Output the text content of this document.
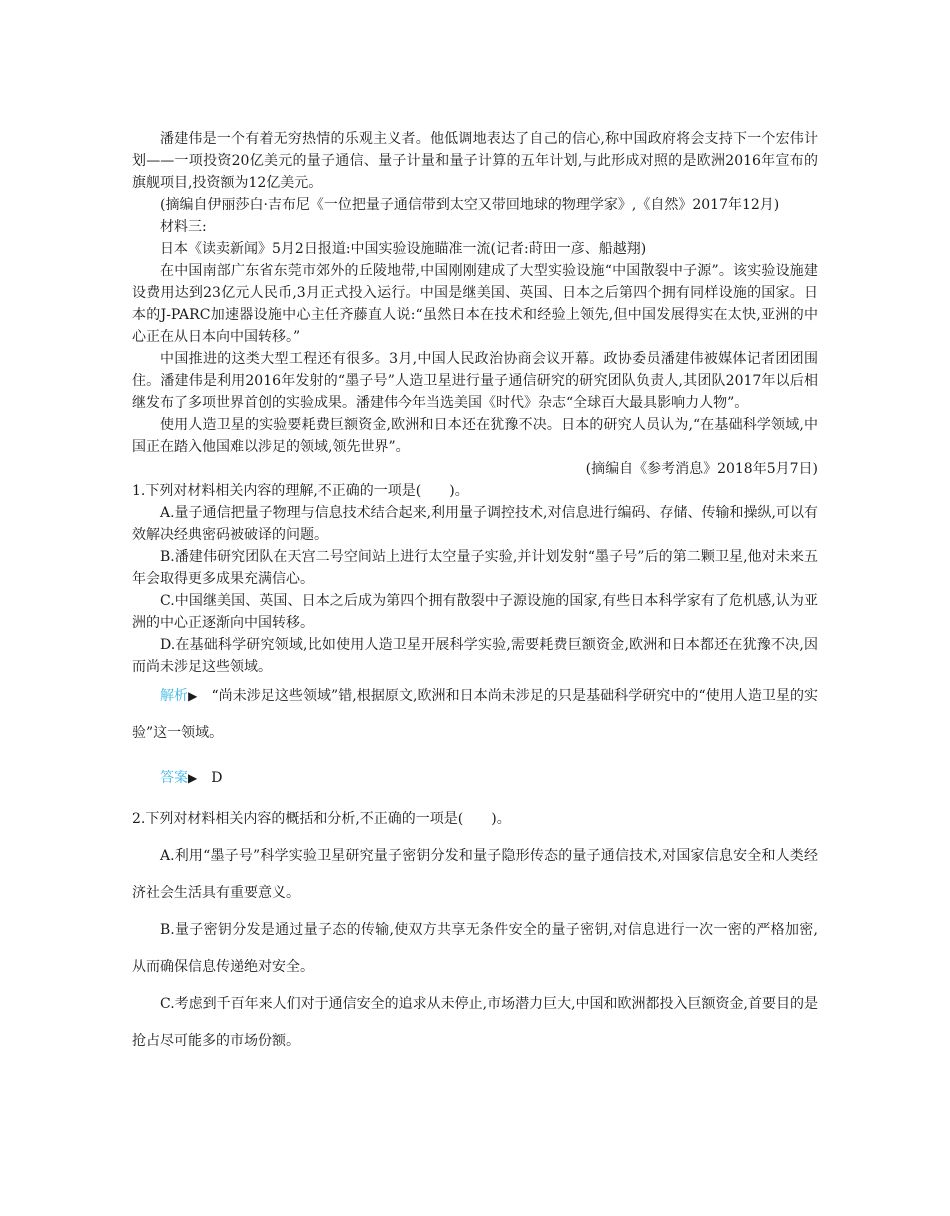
潘建伟是一个有着无穷热情的乐观主义者。他低调地表达了自己的信心,称中国政府将会支持下一个宏伟计划——一项投资20亿美元的量子通信、量子计量和量子计算的五年计划,与此形成对照的是欧洲2016年宣布的旗舰项目,投资额为12亿美元。

(摘编自伊丽莎白·吉布尼《一位把量子通信带到太空又带回地球的物理学家》,《自然》2017年12月)

材料三:

日本《读卖新闻》5月2日报道:中国实验设施瞄准一流(记者:莳田一彦、船越翔)

在中国南部广东省东莞市郊外的丘陵地带,中国刚刚建成了大型实验设施“中国散裂中子源”。该实验设施建设费用达到23亿元人民币,3月正式投入运行。中国是继美国、英国、日本之后第四个拥有同样设施的国家。日本的J-PARC加速器设施中心主任齐藤直人说:“虽然日本在技术和经验上领先,但中国发展得实在太快,亚洲的中心正在从日本向中国转移。”

中国推进的这类大型工程还有很多。3月,中国人民政治协商会议开幕。政协委员潘建伟被媒体记者团团围住。潘建伟是利用2016年发射的“墨子号”人造卫星进行量子通信研究的研究团队负责人,其团队2017年以后相继发布了多项世界首创的实验成果。潘建伟今年当选美国《时代》杂志“全球百大最具影响力人物”。

使用人造卫星的实验要耗费巨额资金,欧洲和日本还在犹豫不决。日本的研究人员认为,“在基础科学领域,中国正在踏入他国难以涉足的领域,领先世界”。

(摘编自《参考消息》2018年5月7日)

1.下列对材料相关内容的理解,不正确的一项是(　　)。

A.量子通信把量子物理与信息技术结合起来,利用量子调控技术,对信息进行编码、存储、传输和操纵,可以有效解决经典密码被破译的问题。

B.潘建伟研究团队在天宫二号空间站上进行太空量子实验,并计划发射“墨子号”后的第二颗卫星,他对未来五年会取得更多成果充满信心。

C.中国继美国、英国、日本之后成为第四个拥有散裂中子源设施的国家,有些日本科学家有了危机感,认为亚洲的中心正逐渐向中国转移。

D.在基础科学研究领域,比如使用人造卫星开展科学实验,需要耗费巨额资金,欧洲和日本都还在犹豫不决,因而尚未涉足这些领域。

解析▶　 “尚未涉足这些领域”错,根据原文,欧洲和日本尚未涉足的只是基础科学研究中的“使用人造卫星的实验”这一领域。

答案▶　 D

2.下列对材料相关内容的概括和分析,不正确的一项是(　　)。

A.利用“墨子号”科学实验卫星研究量子密钥分发和量子隐形传态的量子通信技术,对国家信息安全和人类经济社会生活具有重要意义。

B.量子密钥分发是通过量子态的传输,使双方共享无条件安全的量子密钥,对信息进行一次一密的严格加密,从而确保信息传递绝对安全。

C.考虑到千百年来人们对于通信安全的追求从未停止,市场潜力巨大,中国和欧洲都投入巨额资金,首要目的是抢占尽可能多的市场份额。
